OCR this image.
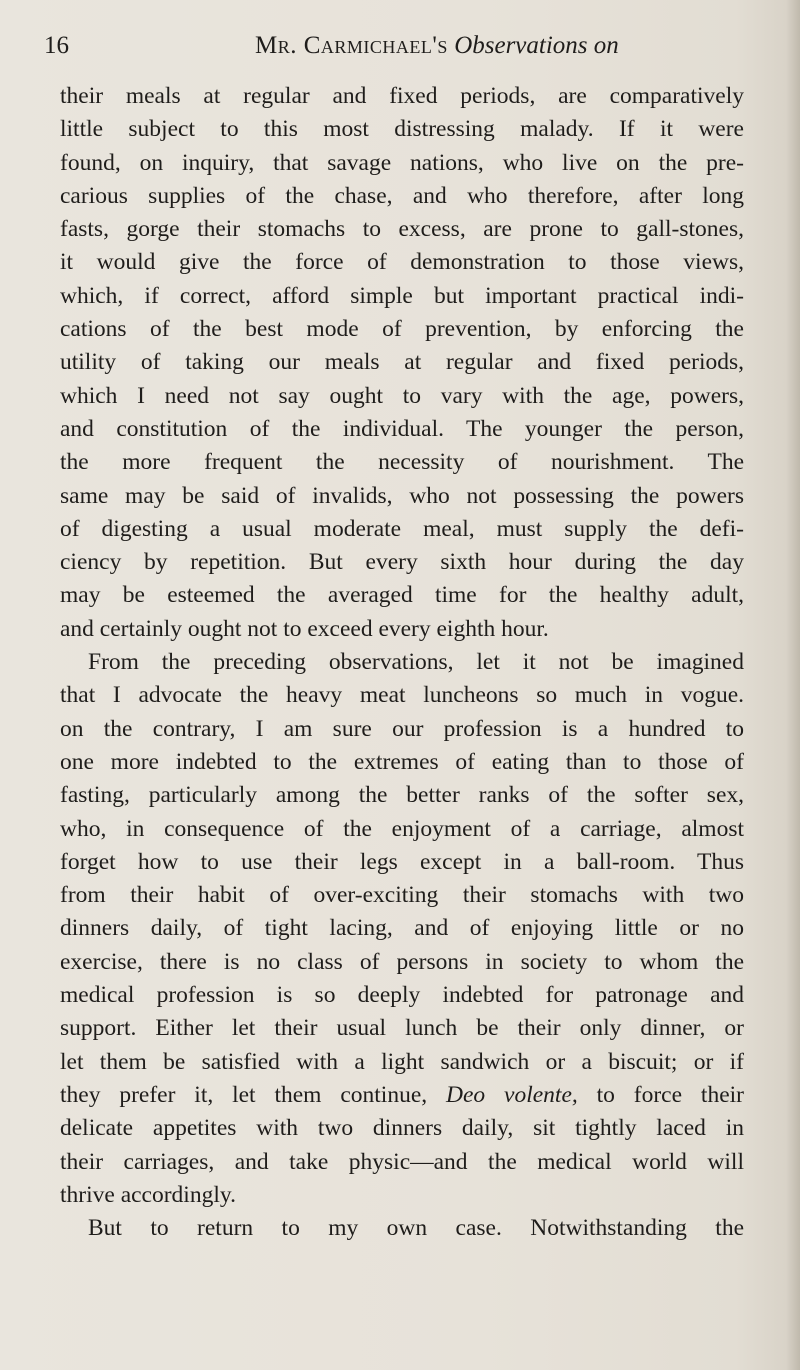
16	Mr. Carmichael's Observations on
their meals at regular and fixed periods, are comparatively
little subject to this most distressing malady. If it were
found, on inquiry, that savage nations, who live on the pre-
carious supplies of the chase, and who therefore, after long
fasts, gorge their stomachs to excess, are prone to gall-stones,
it would give the force of demonstration to those views,
which, if correct, afford simple but important practical indi-
cations of the best mode of prevention, by enforcing the
utility of taking our meals at regular and fixed periods,
which I need not say ought to vary with the age, powers,
and constitution of the individual. The younger the person,
the more frequent the necessity of nourishment. The
same may be said of invalids, who not possessing the powers
of digesting a usual moderate meal, must supply the defi-
ciency by repetition. But every sixth hour during the day
may be esteemed the averaged time for the healthy adult,
and certainly ought not to exceed every eighth hour.
From the preceding observations, let it not be imagined
that I advocate the heavy meat luncheons so much in vogue.
on the contrary, I am sure our profession is a hundred to
one more indebted to the extremes of eating than to those of
fasting, particularly among the better ranks of the softer sex,
who, in consequence of the enjoyment of a carriage, almost
forget how to use their legs except in a ball-room. Thus
from their habit of over-exciting their stomachs with two
dinners daily, of tight lacing, and of enjoying little or no
exercise, there is no class of persons in society to whom the
medical profession is so deeply indebted for patronage and
support. Either let their usual lunch be their only dinner, or
let them be satisfied with a light sandwich or a biscuit; or if
they prefer it, let them continue, Deo volente, to force their
delicate appetites with two dinners daily, sit tightly laced in
their carriages, and take physic—and the medical world will
thrive accordingly.
But to return to my own case. Notwithstanding the
